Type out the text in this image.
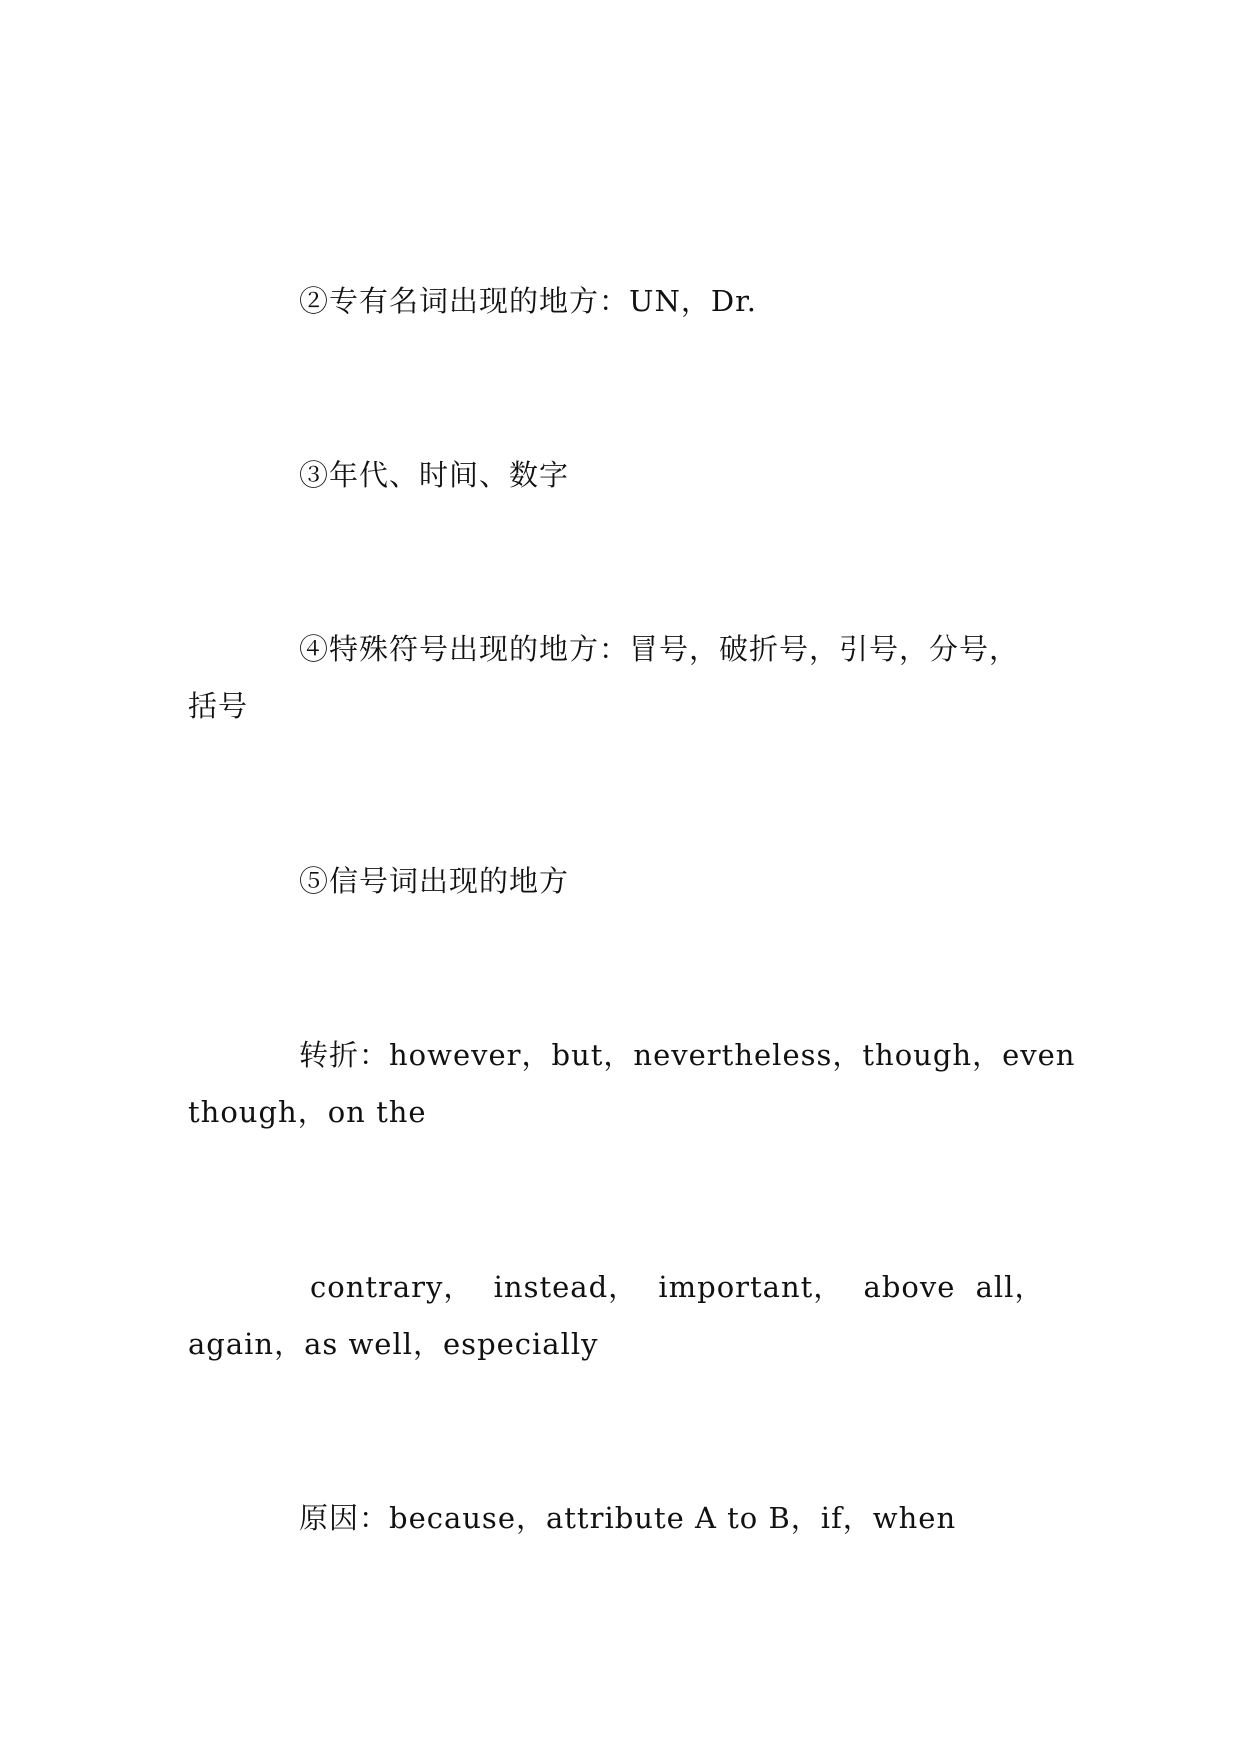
②专有名词出现的地方：UN，Dr.
③年代、时间、数字
④特殊符号出现的地方：冒号，破折号，引号，分号，
括号
⑤信号词出现的地方
转折：however，but，nevertheless，though，even
though，on the
contrary， instead， important， above all，
again，as well，especially
原因：because，attribute A to B，if，when
